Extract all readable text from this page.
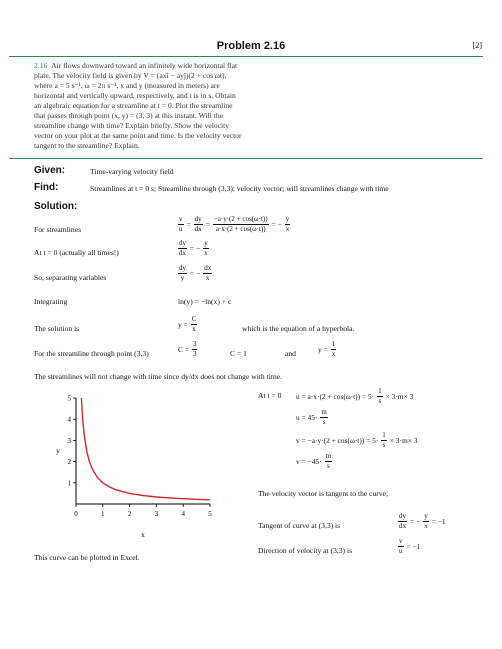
Problem 2.16	[2]
2.16 Air flows downward toward an infinitely wide horizontal flat
plate. The velocity field is given by V = (axî − ayĵ)(2 + cos ωt),
where a = 5 s⁻¹, ω = 2π s⁻¹, x and y (measured in meters) are
horizontal and vertically upward, respectively, and t is in s. Obtain
an algebraic equation for a streamline at t = 0. Plot the streamline
that passes through point (x, y) = (3, 3) at this instant. Will the
streamline change with time? Explain briefly. Show the velocity
vector on your plot at the same point and time. Is the velocity vector
tangent to the streamline? Explain.
Given:	Time-varying velocity field
Find:	Streamlines at t = 0 s; Streamline through (3,3); velocity vector; will streamlines change with time
Solution:
For streamlines	$\frac{v}{u} = \frac{dy}{dx} = \frac{-a\cdot y\cdot(2 + \cos(\omega\cdot t))}{a\cdot x\cdot(2 + \cos(\omega\cdot t))}$ = − $\frac{y}{x}$
At t = 0 (actually all times!)	$\frac{dy}{dx}$ = − $\frac{y}{x}$
So, separating variables	$\frac{dy}{y}$ = − $\frac{dx}{x}$
Integrating	ln(y) = −ln(x) + c
The solution is	$y = \frac{C}{x}$	which is the equation of a hyperbola.
For the streamline through point (3,3)	$C = \frac{3}{3}$	C = 1	and	$y = \frac{1}{x}$
The streamlines will not change with time since dy/dx does not change with time.
0	1	2	3	4	5
1
2
3
4
5
x
y
This curve can be plotted in Excel.
At t = 0 $u = a\cdot x\cdot(2 + \cos(\omega\cdot t)) = 5\cdot \frac{1}{s} \times 3\cdot m\times 3$
$u = 45\cdot \frac{m}{s}$
$v = -a\cdot y\cdot(2 + \cos(\omega\cdot t)) = 5\cdot \frac{1}{s} \times 3\cdot m\times 3$
$v = -45\cdot \frac{m}{s}$
The velocity vector is tangent to the curve;
Tangent of curve at (3,3) is	$\frac{dy}{dx}$ = − $\frac{y}{x} = -1$
Direction of velocity at (3,3) is	$\frac{v}{u} = -1$
